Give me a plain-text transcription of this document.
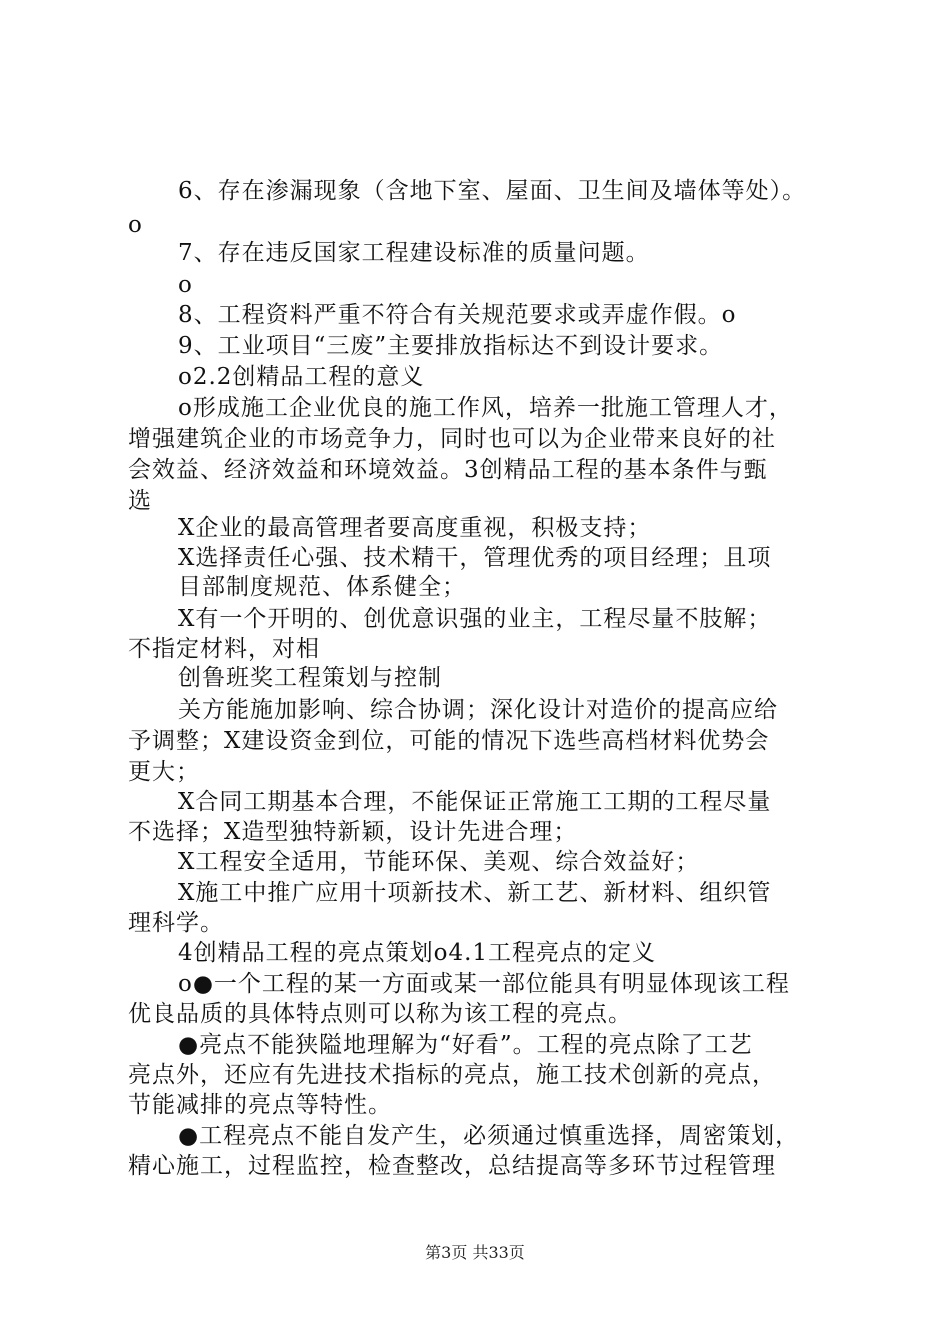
6、存在渗漏现象（含地下室、屋面、卫生间及墙体等处）。
o
7、存在违反国家工程建设标准的质量问题。
o
8、工程资料严重不符合有关规范要求或弄虚作假。o
9、工业项目“三废”主要排放指标达不到设计要求。
o2.2创精品工程的意义
o形成施工企业优良的施工作风，培养一批施工管理人才，
增强建筑企业的市场竞争力，同时也可以为企业带来良好的社
会效益、经济效益和环境效益。3创精品工程的基本条件与甄
选
X企业的最高管理者要高度重视，积极支持；
X选择责任心强、技术精干，管理优秀的项目经理；且项
目部制度规范、体系健全；
X有一个开明的、创优意识强的业主，工程尽量不肢解；
不指定材料，对相
创鲁班奖工程策划与控制
关方能施加影响、综合协调；深化设计对造价的提高应给
予调整；X建设资金到位，可能的情况下选些高档材料优势会
更大；
X合同工期基本合理，不能保证正常施工工期的工程尽量
不选择；X造型独特新颖，设计先进合理；
X工程安全适用，节能环保、美观、综合效益好；
X施工中推广应用十项新技术、新工艺、新材料、组织管
理科学。
4创精品工程的亮点策划o4.1工程亮点的定义
o●一个工程的某一方面或某一部位能具有明显体现该工程
优良品质的具体特点则可以称为该工程的亮点。
●亮点不能狭隘地理解为“好看”。工程的亮点除了工艺
亮点外，还应有先进技术指标的亮点，施工技术创新的亮点，
节能减排的亮点等特性。
●工程亮点不能自发产生，必须通过慎重选择，周密策划，
精心施工，过程监控，检查整改，总结提高等多环节过程管理
第3页 共33页
